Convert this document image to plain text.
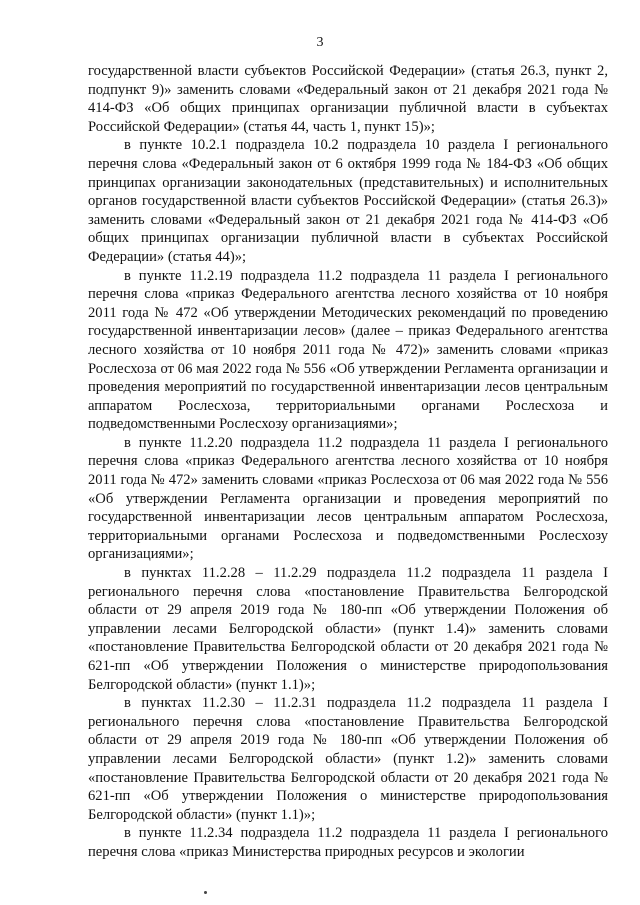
3

государственной власти субъектов Российской Федерации» (статья 26.3, пункт 2, подпункт 9)» заменить словами «Федеральный закон от 21 декабря 2021 года № 414-ФЗ «Об общих принципах организации публичной власти в субъектах Российской Федерации» (статья 44, часть 1, пункт 15)»;

в пункте 10.2.1 подраздела 10.2 подраздела 10 раздела I регионального перечня слова «Федеральный закон от 6 октября 1999 года № 184-ФЗ «Об общих принципах организации законодательных (представительных) и исполнительных органов государственной власти субъектов Российской Федерации» (статья 26.3)» заменить словами «Федеральный закон от 21 декабря 2021 года № 414-ФЗ «Об общих принципах организации публичной власти в субъектах Российской Федерации» (статья 44)»;

в пункте 11.2.19 подраздела 11.2 подраздела 11 раздела I регионального перечня слова «приказ Федерального агентства лесного хозяйства от 10 ноября 2011 года № 472 «Об утверждении Методических рекомендаций по проведению государственной инвентаризации лесов» (далее – приказ Федерального агентства лесного хозяйства от 10 ноября 2011 года № 472)» заменить словами «приказ Рослесхоза от 06 мая 2022 года № 556 «Об утверждении Регламента организации и проведения мероприятий по государственной инвентаризации лесов центральным аппаратом Рослесхоза, территориальными органами Рослесхоза и подведомственными Рослесхозу организациями»;

в пункте 11.2.20 подраздела 11.2 подраздела 11 раздела I регионального перечня слова «приказ Федерального агентства лесного хозяйства от 10 ноября 2011 года № 472» заменить словами «приказ Рослесхоза от 06 мая 2022 года № 556 «Об утверждении Регламента организации и проведения мероприятий по государственной инвентаризации лесов центральным аппаратом Рослесхоза, территориальными органами Рослесхоза и подведомственными Рослесхозу организациями»;

в пунктах 11.2.28 – 11.2.29 подраздела 11.2 подраздела 11 раздела I регионального перечня слова «постановление Правительства Белгородской области от 29 апреля 2019 года № 180-пп «Об утверждении Положения об управлении лесами Белгородской области» (пункт 1.4)» заменить словами «постановление Правительства Белгородской области от 20 декабря 2021 года № 621-пп «Об утверждении Положения о министерстве природопользования Белгородской области» (пункт 1.1)»;

в пунктах 11.2.30 – 11.2.31 подраздела 11.2 подраздела 11 раздела I регионального перечня слова «постановление Правительства Белгородской области от 29 апреля 2019 года № 180-пп «Об утверждении Положения об управлении лесами Белгородской области» (пункт 1.2)» заменить словами «постановление Правительства Белгородской области от 20 декабря 2021 года № 621-пп «Об утверждении Положения о министерстве природопользования Белгородской области» (пункт 1.1)»;

в пункте 11.2.34 подраздела 11.2 подраздела 11 раздела I регионального перечня слова «приказ Министерства природных ресурсов и экологии
